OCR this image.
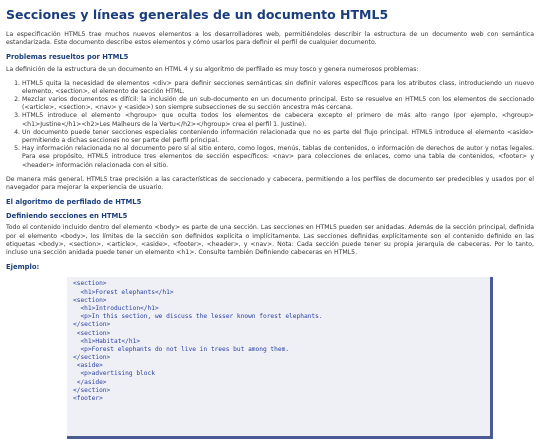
Secciones y líneas generales de un documento HTML5

La especificación HTML5 trae muchos nuevos elementos a los desarrolladores web, permitiéndoles describir la estructura de un documento web con semántica estandarizada. Este documento describe estos elementos y cómo usarlos para definir el perfil de cualquier documento.

Problemas resueltos por HTML5

La definición de la estructura de un documento en HTML 4 y su algoritmo de perfilado es muy tosco y genera numerosos problemas:

1. HTML5 quita la necesidad de elementos <div> para definir secciones semánticas sin definir valores específicos para los atributos class, introduciendo un nuevo elemento, <section>, el elemento de sección HTML.
2. Mezclar varios documentos es difícil: la inclusión de un sub-documento en un documento principal. Esto se resuelve en HTML5 con los elementos de seccionado (<article>, <section>, <nav> y <aside>) son siempre subsecciones de su sección ancestra más cercana.
3. HTML5 introduce el elemento <hgroup> que oculta todos los elementos de cabecera excepto el primero de más alto rango (por ejemplo, <hgroup> <h1>Justine</h1><h2>Les Malheurs de la Vertu</h2></hgroup> crea el perfil 1. Justine).
4. Un documento puede tener secciones especiales conteniendo información relacionada que no es parte del flujo principal. HTML5 introduce el elemento <aside> permitiendo a dichas secciones no ser parte del perfil principal.
5. Hay información relacionada no al documento pero sí al sitio entero, como logos, menús, tablas de contenidos, o información de derechos de autor y notas legales. Para ese propósito, HTML5 introduce tres elementos de sección específicos: <nav> para colecciones de enlaces, como una tabla de contenidos, <footer> y <header> información relacionada con el sitio.

De manera más general, HTML5 trae precisión a las características de seccionado y cabecera, permitiendo a los perfiles de documento ser predecibles y usados por el navegador para mejorar la experiencia de usuario.

El algoritmo de perfilado de HTML5
Definiendo secciones en HTML5

Todo el contenido incluido dentro del elemento <body> es parte de una sección. Las secciones en HTML5 pueden ser anidadas. Además de la sección principal, definida por el elemento <body>, los límites de la sección son definidos explícita o implícitamente. Las secciones definidas explícitamente son el contenido definido en las etiquetas <body>, <section>, <article>, <aside>, <footer>, <header>, y <nav>. Nota: Cada sección puede tener su propia jerarquía de cabeceras. Por lo tanto, incluso una sección anidada puede tener un elemento <h1>. Consulte también Definiendo cabeceras en HTML5.

Ejemplo:
<section>
<h1>Forest elephants</h1>
<section>
<h1>Introduction</h1>
<p>In this section, we discuss the lesser known forest elephants.
</section>
<section>
<h1>Habitat</h1>
<p>Forest elephants do not live in trees but among them.
</section>
<aside>
<p>advertising block
</aside>
</section>
<footer>
